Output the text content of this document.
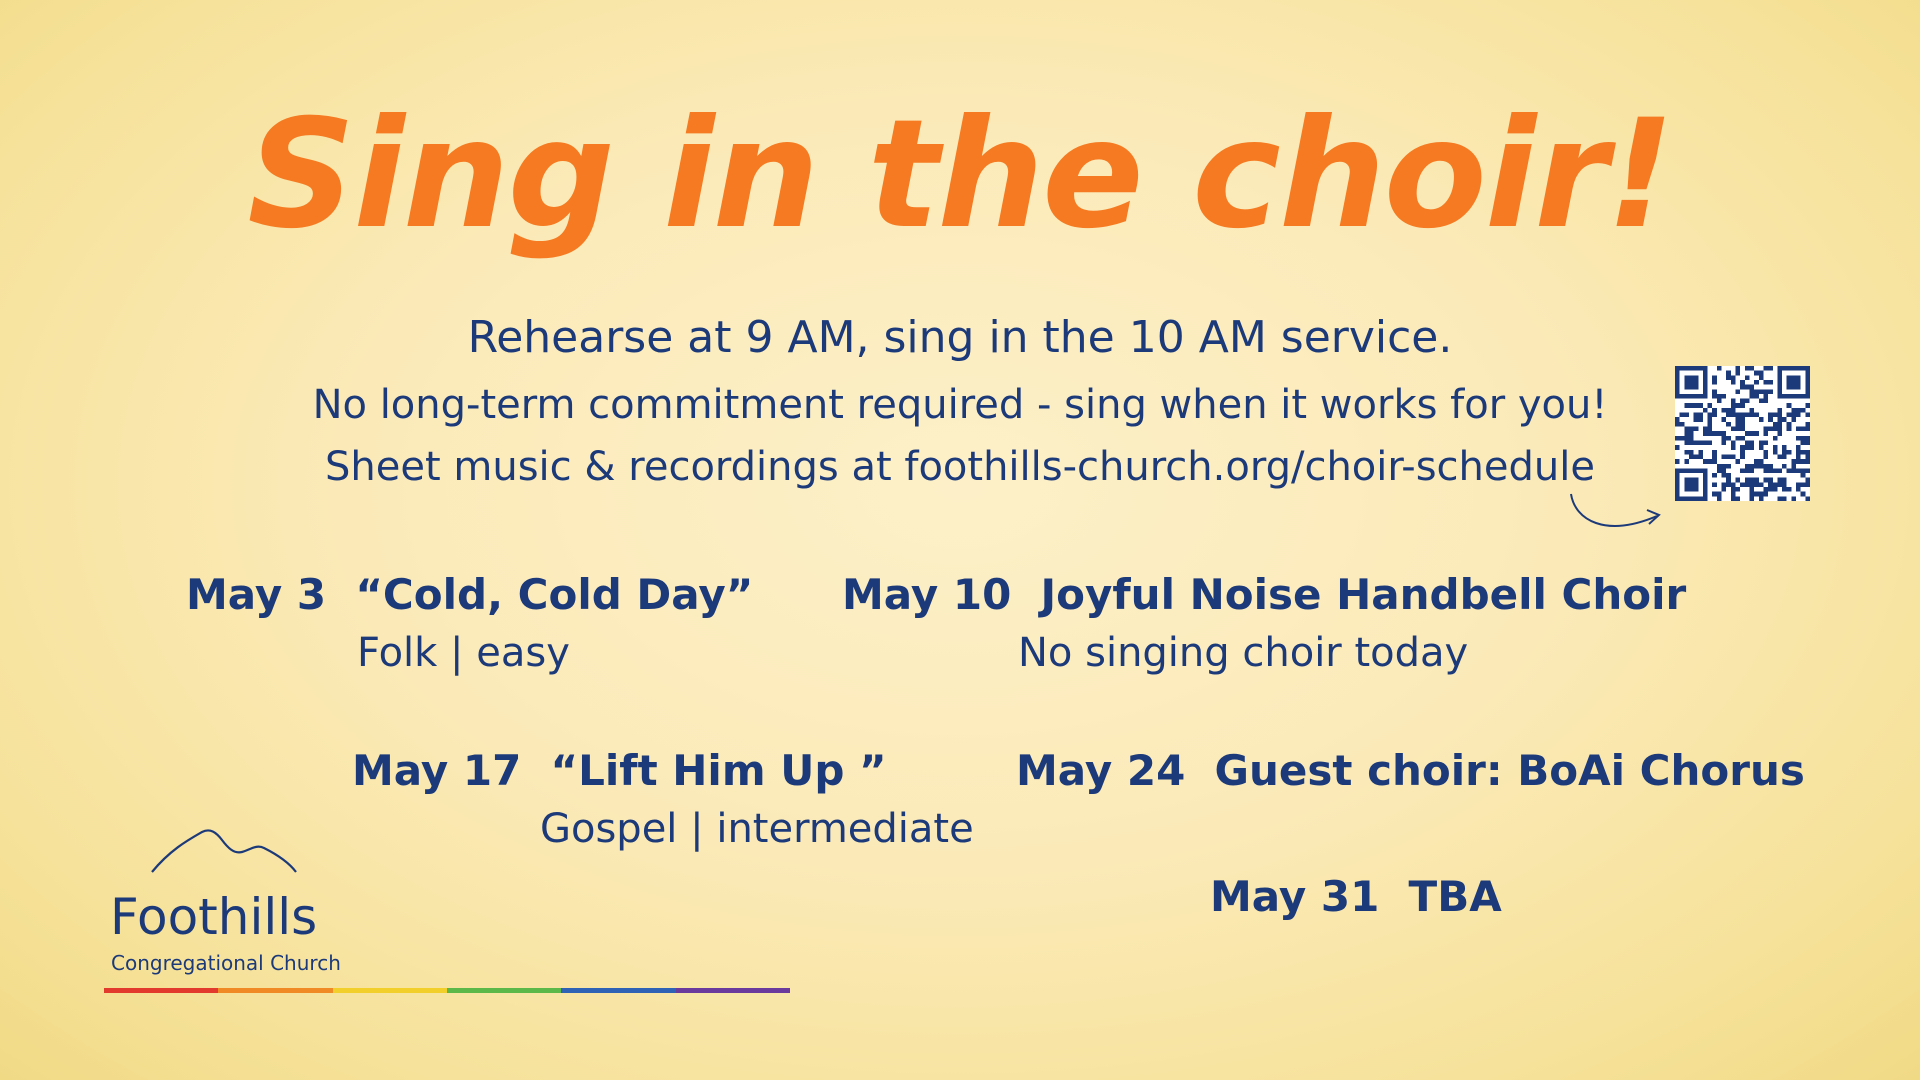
Sing in the choir!
Rehearse at 9 AM, sing in the 10 AM service.
No long-term commitment required - sing when it works for you!
Sheet music & recordings at foothills-church.org/choir-schedule
May 3 “Cold, Cold Day”
Folk | easy
May 10 Joyful Noise Handbell Choir
No singing choir today
May 17 “Lift Him Up ”
Gospel | intermediate
May 24 Guest choir: BoAi Chorus
May 31 TBA
Foothills
Congregational Church
